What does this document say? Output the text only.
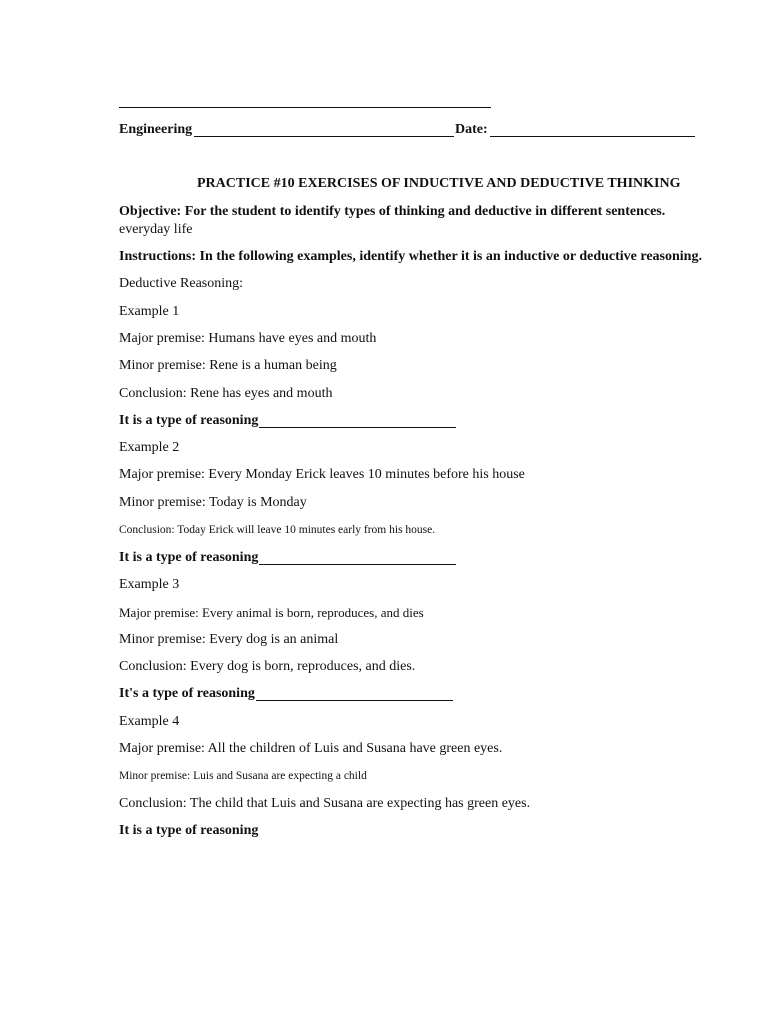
Engineering	Date:
PRACTICE #10 EXERCISES OF INDUCTIVE AND DEDUCTIVE THINKING
Objective: For the student to identify types of thinking and deductive in different sentences.
everyday life
Instructions: In the following examples, identify whether it is an inductive or deductive reasoning.
Deductive Reasoning:
Example 1
Major premise: Humans have eyes and mouth
Minor premise: Rene is a human being
Conclusion: Rene has eyes and mouth
It is a type of reasoning
Example 2
Major premise: Every Monday Erick leaves 10 minutes before his house
Minor premise: Today is Monday
Conclusion: Today Erick will leave 10 minutes early from his house.
It is a type of reasoning
Example 3
Major premise: Every animal is born, reproduces, and dies
Minor premise: Every dog is an animal
Conclusion: Every dog is born, reproduces, and dies.
It's a type of reasoning
Example 4
Major premise: All the children of Luis and Susana have green eyes.
Minor premise: Luis and Susana are expecting a child
Conclusion: The child that Luis and Susana are expecting has green eyes.
It is a type of reasoning
